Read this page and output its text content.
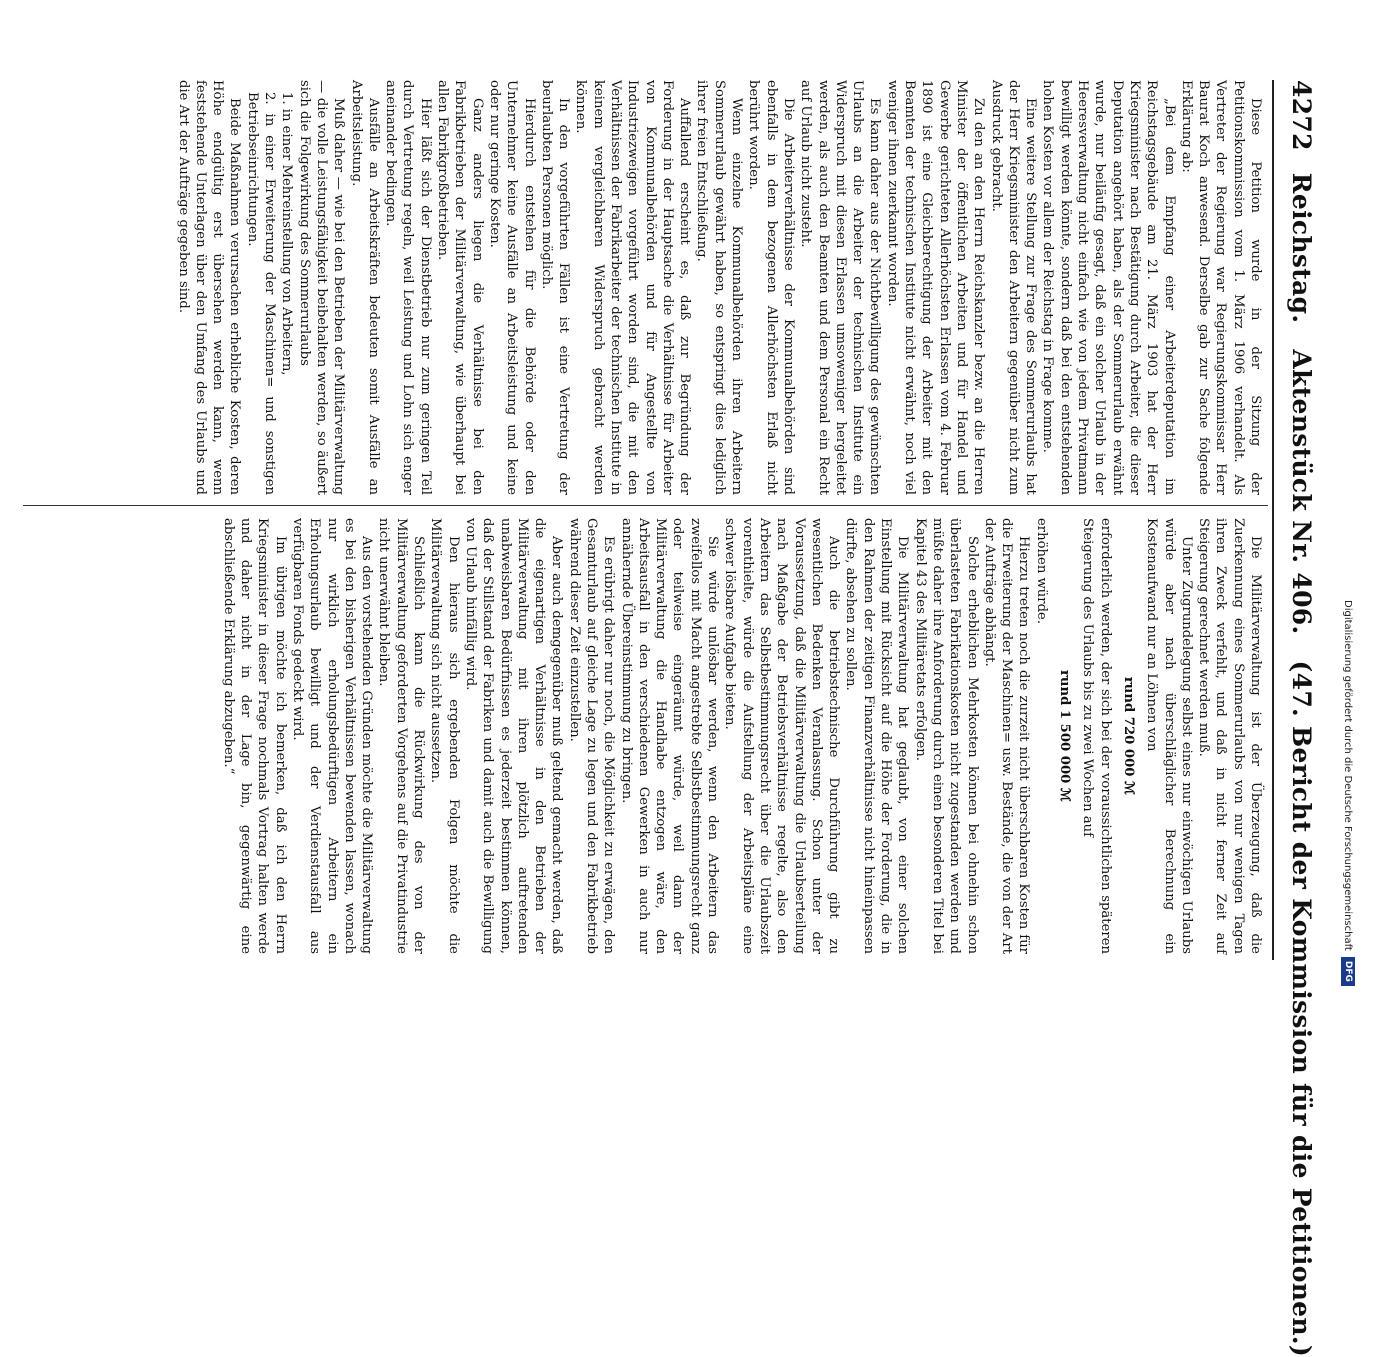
4272
Reichstag.
Aktenstück Nr. 406.
(47. Bericht der Kommission für die Petitionen.)

Diese Petition wurde in der Sitzung der Petitionskommission vom 1. März 1906 verhandelt. Als Vertreter der Regierung war Regierungskommissar Herr Baurat Koch anwesend. Derselbe gab zur Sache folgende Erklärung ab:

„Bei dem Empfang einer Arbeiterdeputation im Reichstagsgebäude am 21. März 1903 hat der Herr Kriegsminister nach Bestätigung durch Arbeiter, die dieser Deputation angehört haben, als der Sommerurlaub erwähnt wurde, nur beiläufig gesagt, daß ein solcher Urlaub in der Heeresverwaltung nicht einfach wie von jedem Privatmann bewilligt werden könnte, sondern daß bei den entstehenden hohen Kosten vor allem der Reichstag in Frage komme.

Eine weitere Stellung zur Frage des Sommerurlaubs hat der Herr Kriegsminister den Arbeitern gegenüber nicht zum Ausdruck gebracht.

Zu den an den Herrn Reichskanzler bezw. an die Herren Minister der öffentlichen Arbeiten und für Handel und Gewerbe gerichteten Allerhöchsten Erlassen vom 4. Februar 1890 ist eine Gleichberechtigung der Arbeiter mit den Beamten der technischen Institute nicht erwähnt, noch viel weniger ihnen zuerkannt worden.

Es kann daher aus der Nichtbewilligung des gewünschten Urlaubs an die Arbeiter der technischen Institute ein Widerspruch mit diesen Erlassen umsoweniger hergeleitet werden, als auch den Beamten und dem Personal ein Recht auf Urlaub nicht zusteht.

Die Arbeiterverhältnisse der Kommunalbehörden sind ebenfalls in dem bezogenen Allerhöchsten Erlaß nicht berührt worden.

Wenn einzelne Kommunalbehörden ihren Arbeitern Sommerurlaub gewährt haben, so entspringt dies lediglich ihrer freien Entschließung.

Auffallend erscheint es, daß zur Begründung der Forderung in der Hauptsache die Verhältnisse für Arbeiter von Kommunalbehörden und für Angestellte von Industriezweigen vorgeführt worden sind, die mit den Verhältnissen der Fabrikarbeiter der technischen Institute in keinem vergleichbaren Widerspruch gebracht werden können.

In den vorgeführten Fällen ist eine Vertretung der beurlaubten Personen möglich.

Hierdurch entstehen für die Behörde oder den Unternehmer keine Ausfälle an Arbeitsleistung und keine oder nur geringe Kosten.

Ganz anders liegen die Verhältnisse bei den Fabrikbetrieben der Militärverwaltung, wie überhaupt bei allen Fabrikgroßbetrieben.

Hier läßt sich der Dienstbetrieb nur zum geringen Teil durch Vertretung regeln, weil Leistung und Lohn sich enger aneinander bedingen.

Ausfälle an Arbeitskräften bedeuten somit Ausfälle an Arbeitsleistung.

Muß daher — wie bei den Betrieben der Militärverwaltung — die volle Leistungsfähigkeit beibehalten werden, so äußert sich die Folgewirkung des Sommerurlaubs

1. in einer Mehreinstellung von Arbeitern,

2. in einer Erweiterung der Maschinen= und sonstigen Betriebseinrichtungen.

Beide Maßnahmen verursachen erhebliche Kosten, deren Höhe endgültig erst übersehen werden kann, wenn feststehende Unterlagen über den Umfang des Urlaubs und die Art der Aufträge gegeben sind.

Die Militärverwaltung ist der Überzeugung, daß die Zuerkennung eines Sommerurlaubs von nur wenigen Tagen ihren Zweck verfehlt, und daß in nicht ferner Zeit auf Steigerung gerechnet werden muß.

Unter Zugrundelegung selbst eines nur einwöchigen Urlaubs würde aber nach überschläglicher Berechnung ein Kostenaufwand nur an Löhnen von

rund 720 000 ℳ

erforderlich werden, der sich bei der voraussichtlichen späteren Steigerung des Urlaubs bis zu zwei Wochen auf

rund 1 500 000 ℳ

erhöhen würde.

Hierzu treten noch die zurzeit nicht überschbaren Kosten für die Erweiterung der Maschinen= usw. Bestände, die von der Art der Aufträge abhängt.

Solche erheblichen Mehrkosten können bei ohnehin schon überlasteten Fabrikationskosten nicht zugestanden werden und müßte daher ihre Anforderung durch einen besonderen Titel bei Kapitel 43 des Militäretats erfolgen.

Die Militärverwaltung hat geglaubt, von einer solchen Einstellung mit Rücksicht auf die Höhe der Forderung, die in den Rahmen der zeitigen Finanzverhältnisse nicht hineinpassen dürfte, absehen zu sollen.

Auch die betriebstechnische Durchführung gibt zu wesentlichen Bedenken Veranlassung. Schon unter der Voraussetzung, daß die Militärverwaltung die Urlaubserteilung nach Maßgabe der Betriebsverhältnisse regelte, also den Arbeitern das Selbstbestimmungsrecht über die Urlaubszeit vorenthielte, würde die Aufstellung der Arbeitspläne eine schwer lösbare Aufgabe bieten.

Sie würde unlösbar werden, wenn den Arbeitern das zweifellos mit Macht angestrebte Selbstbestimmungsrecht ganz oder teilweise eingeräumt würde, weil dann der Militärverwaltung die Handhabe entzogen wäre, den Arbeitsausfall in den verschiedenen Gewerken in auch nur annähernde Übereinstimmung zu bringen.

Es erübrigt daher nur noch, die Möglichkeit zu erwägen, den Gesamturlaub auf gleiche Lage zu legen und den Fabrikbetrieb während dieser Zeit einzustellen.

Aber auch demgegenüber muß geltend gemacht werden, daß die eigenartigen Verhältnisse in den Betrieben der Militärverwaltung mit ihren plötzlich auftretenden unabweisbaren Bedürfnissen es jederzeit bestimmen können, daß der Stillstand der Fabriken und damit auch die Bewilligung von Urlaub hinfällig wird.

Den hieraus sich ergebenden Folgen möchte die Militärverwaltung sich nicht aussetzen.

Schließlich kann die Rückwirkung des von der Militärverwaltung geforderten Vorgehens auf die Privatindustrie nicht unerwähnt bleiben.

Aus den vorstehenden Gründen möchte die Militärverwaltung es bei den bisherigen Verhältnissen bewenden lassen, wonach nur wirklich erholungsbedürftigen Arbeitern ein Erholungsurlaub bewilligt und der Verdienstausfall aus verfügbaren Fonds gedeckt wird.

Im übrigen möchte ich bemerken, daß ich den Herrn Kriegsminister in dieser Frage nochmals Vortrag halten werde und daher nicht in der Lage bin, gegenwärtig eine abschließende Erklärung abzugeben.“	Digitalisierung gefördert durch die Deutsche Forschungsgemeinschaft
DFG
